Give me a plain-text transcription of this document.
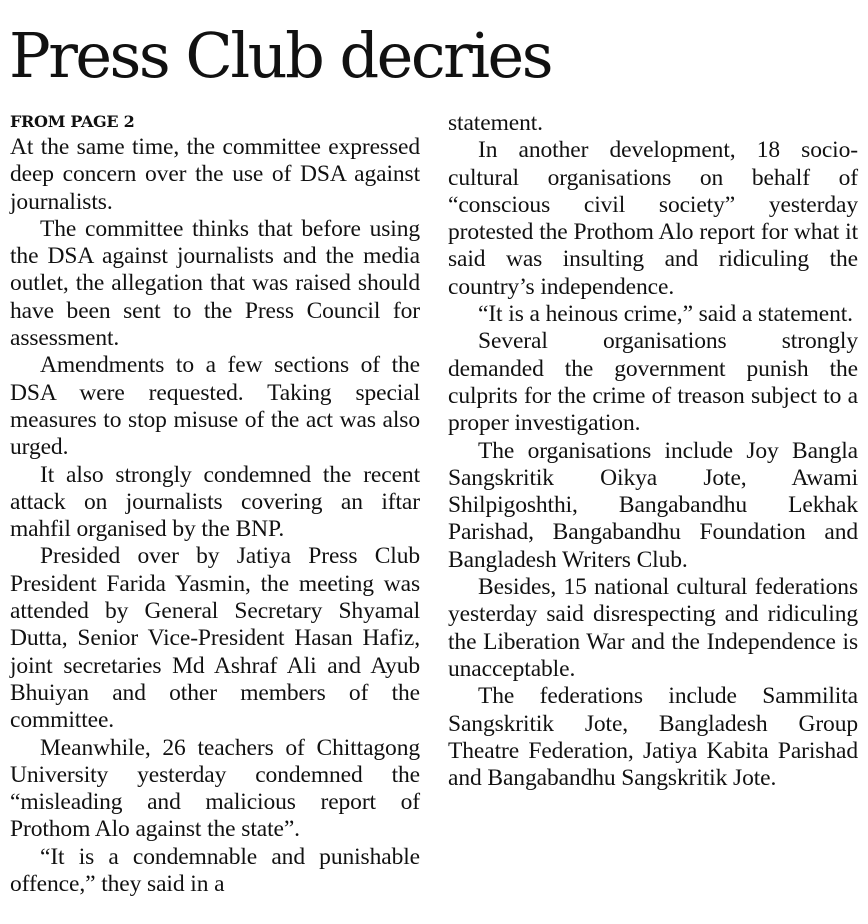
Press Club decries

FROM PAGE 2

At the same time, the committee expressed deep concern over the use of DSA against journalists.

The committee thinks that before using the DSA against journalists and the media outlet, the allegation that was raised should have been sent to the Press Council for assessment.

Amendments to a few sections of the DSA were requested. Taking special measures to stop misuse of the act was also urged.

It also strongly condemned the recent attack on journalists covering an iftar mahfil organised by the BNP.

Presided over by Jatiya Press Club President Farida Yasmin, the meeting was attended by General Secretary Shyamal Dutta, Senior Vice-President Hasan Hafiz, joint secretaries Md Ashraf Ali and Ayub Bhuiyan and other members of the committee.

Meanwhile, 26 teachers of Chittagong University yesterday condemned the “misleading and malicious report of Prothom Alo against the state”.

“It is a condemnable and punishable offence,” they said in a

statement.

In another development, 18 socio-cultural organisations on behalf of “conscious civil society” yesterday protested the Prothom Alo report for what it said was insulting and ridiculing the country’s independence.

“It is a heinous crime,” said a statement.

Several organisations strongly demanded the government punish the culprits for the crime of treason subject to a proper investigation.

The organisations include Joy Bangla Sangskritik Oikya Jote, Awami Shilpigoshthi, Bangabandhu Lekhak Parishad, Bangabandhu Foundation and Bangladesh Writers Club.

Besides, 15 national cultural federations yesterday said disrespecting and ridiculing the Liberation War and the Independence is unacceptable.

The federations include Sammilita Sangskritik Jote, Bangladesh Group Theatre Federation, Jatiya Kabita Parishad and Bangabandhu Sangskritik Jote.
